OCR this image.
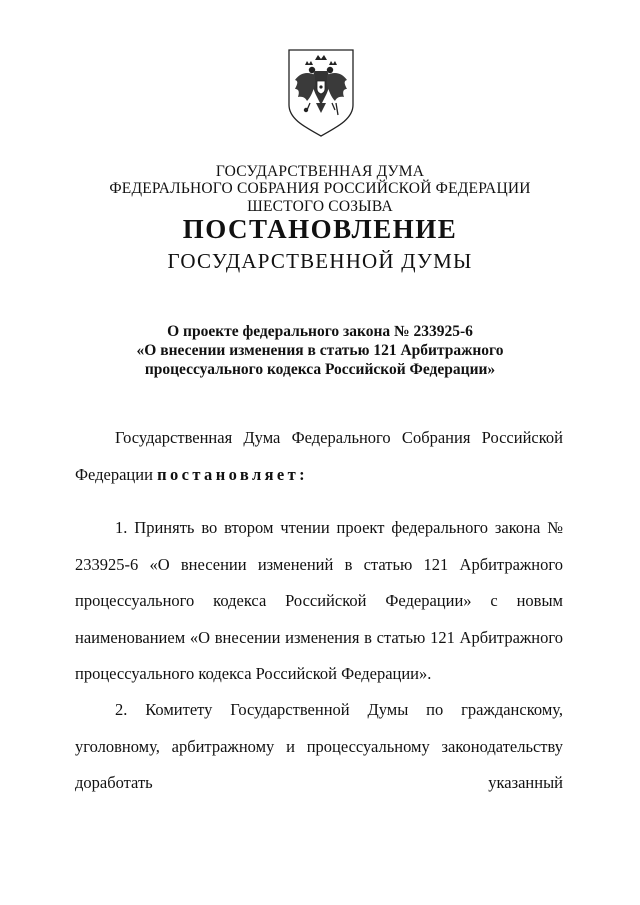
ГОСУДАРСТВЕННАЯ ДУМА
ФЕДЕРАЛЬНОГО СОБРАНИЯ РОССИЙСКОЙ ФЕДЕРАЦИИ
ШЕСТОГО СОЗЫВА
ПОСТАНОВЛЕНИЕ
ГОСУДАРСТВЕННОЙ ДУМЫ
О проекте федерального закона № 233925-6
«О внесении изменения в статью 121 Арбитражного
процессуального кодекса Российской Федерации»
Государственная Дума Федерального Собрания Российской Федерации постановляет:
1. Принять во втором чтении проект федерального закона № 233925-6 «О внесении изменений в статью 121 Арбитражного процессуального кодекса Российской Федерации» с новым наименованием «О внесении изменения в статью 121 Арбитражного процессуального кодекса Российской Федерации».
2. Комитету Государственной Думы по гражданскому, уголовному, арбитражному и процессуальному законодательству доработать указанный
